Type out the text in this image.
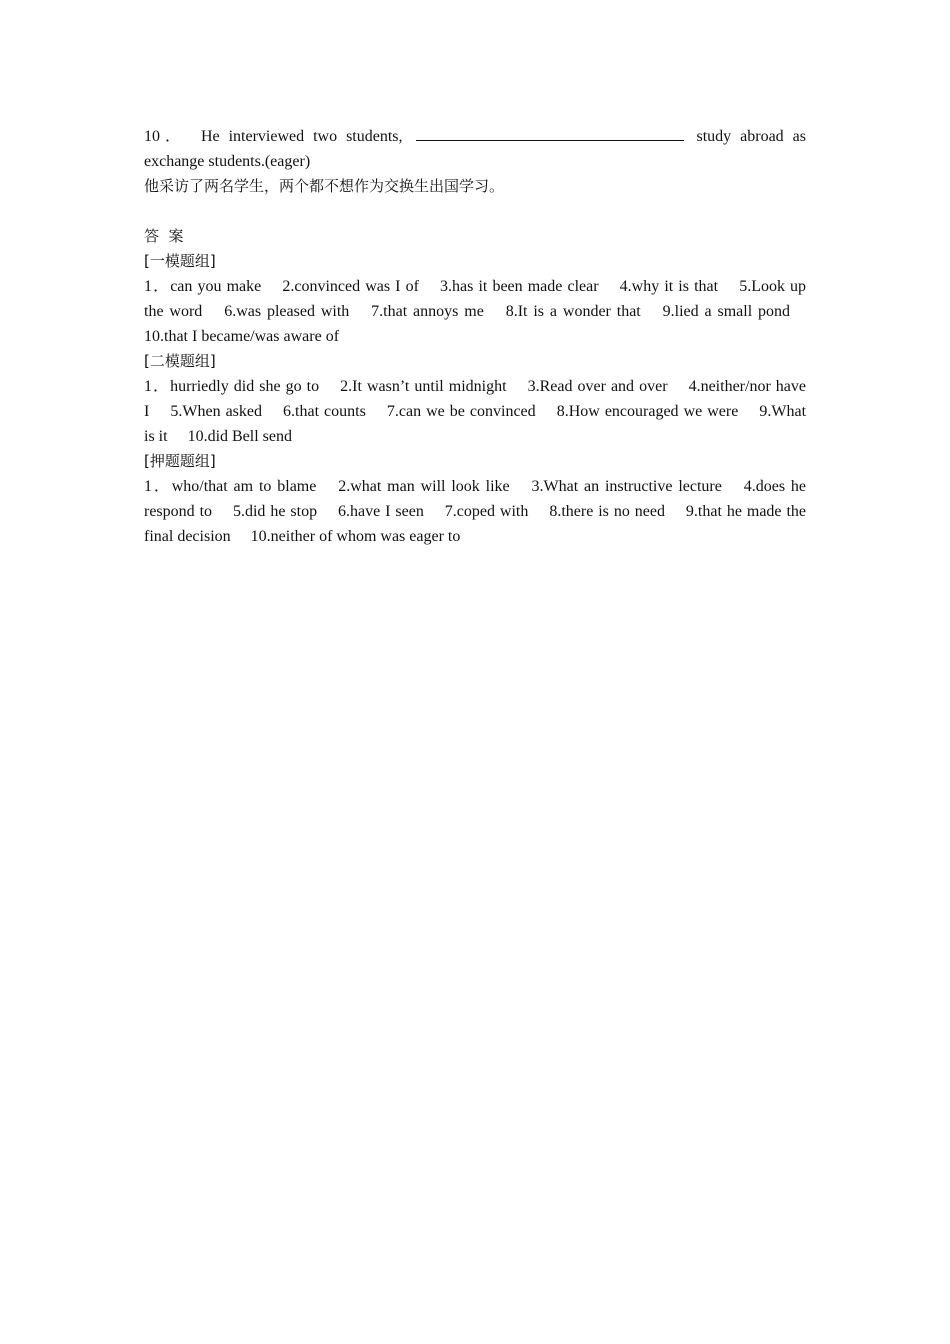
10． He interviewed two students,	study abroad as exchange students.(eager)

他采访了两名学生，两个都不想作为交换生出国学习。

答  案

[一模题组]

1．can you make 2.convinced was I of 3.has it been made clear 4.why it is that 5.Look up the word 6.was pleased with 7.that annoys me 8.It is a wonder that 9.lied a small pond 10.that I became/was aware of

[二模题组]

1．hurriedly did she go to 2.It wasn’t until midnight 3.Read over and over 4.neither/nor have I 5.When asked 6.that counts 7.can we be convinced 8.How encouraged we were 9.What is it 10.did Bell send

[押题题组]

1．who/that am to blame 2.what man will look like 3.What an instructive lecture 4.does he respond to 5.did he stop 6.have I seen 7.coped with 8.there is no need 9.that he made the final decision 10.neither of whom was eager to
